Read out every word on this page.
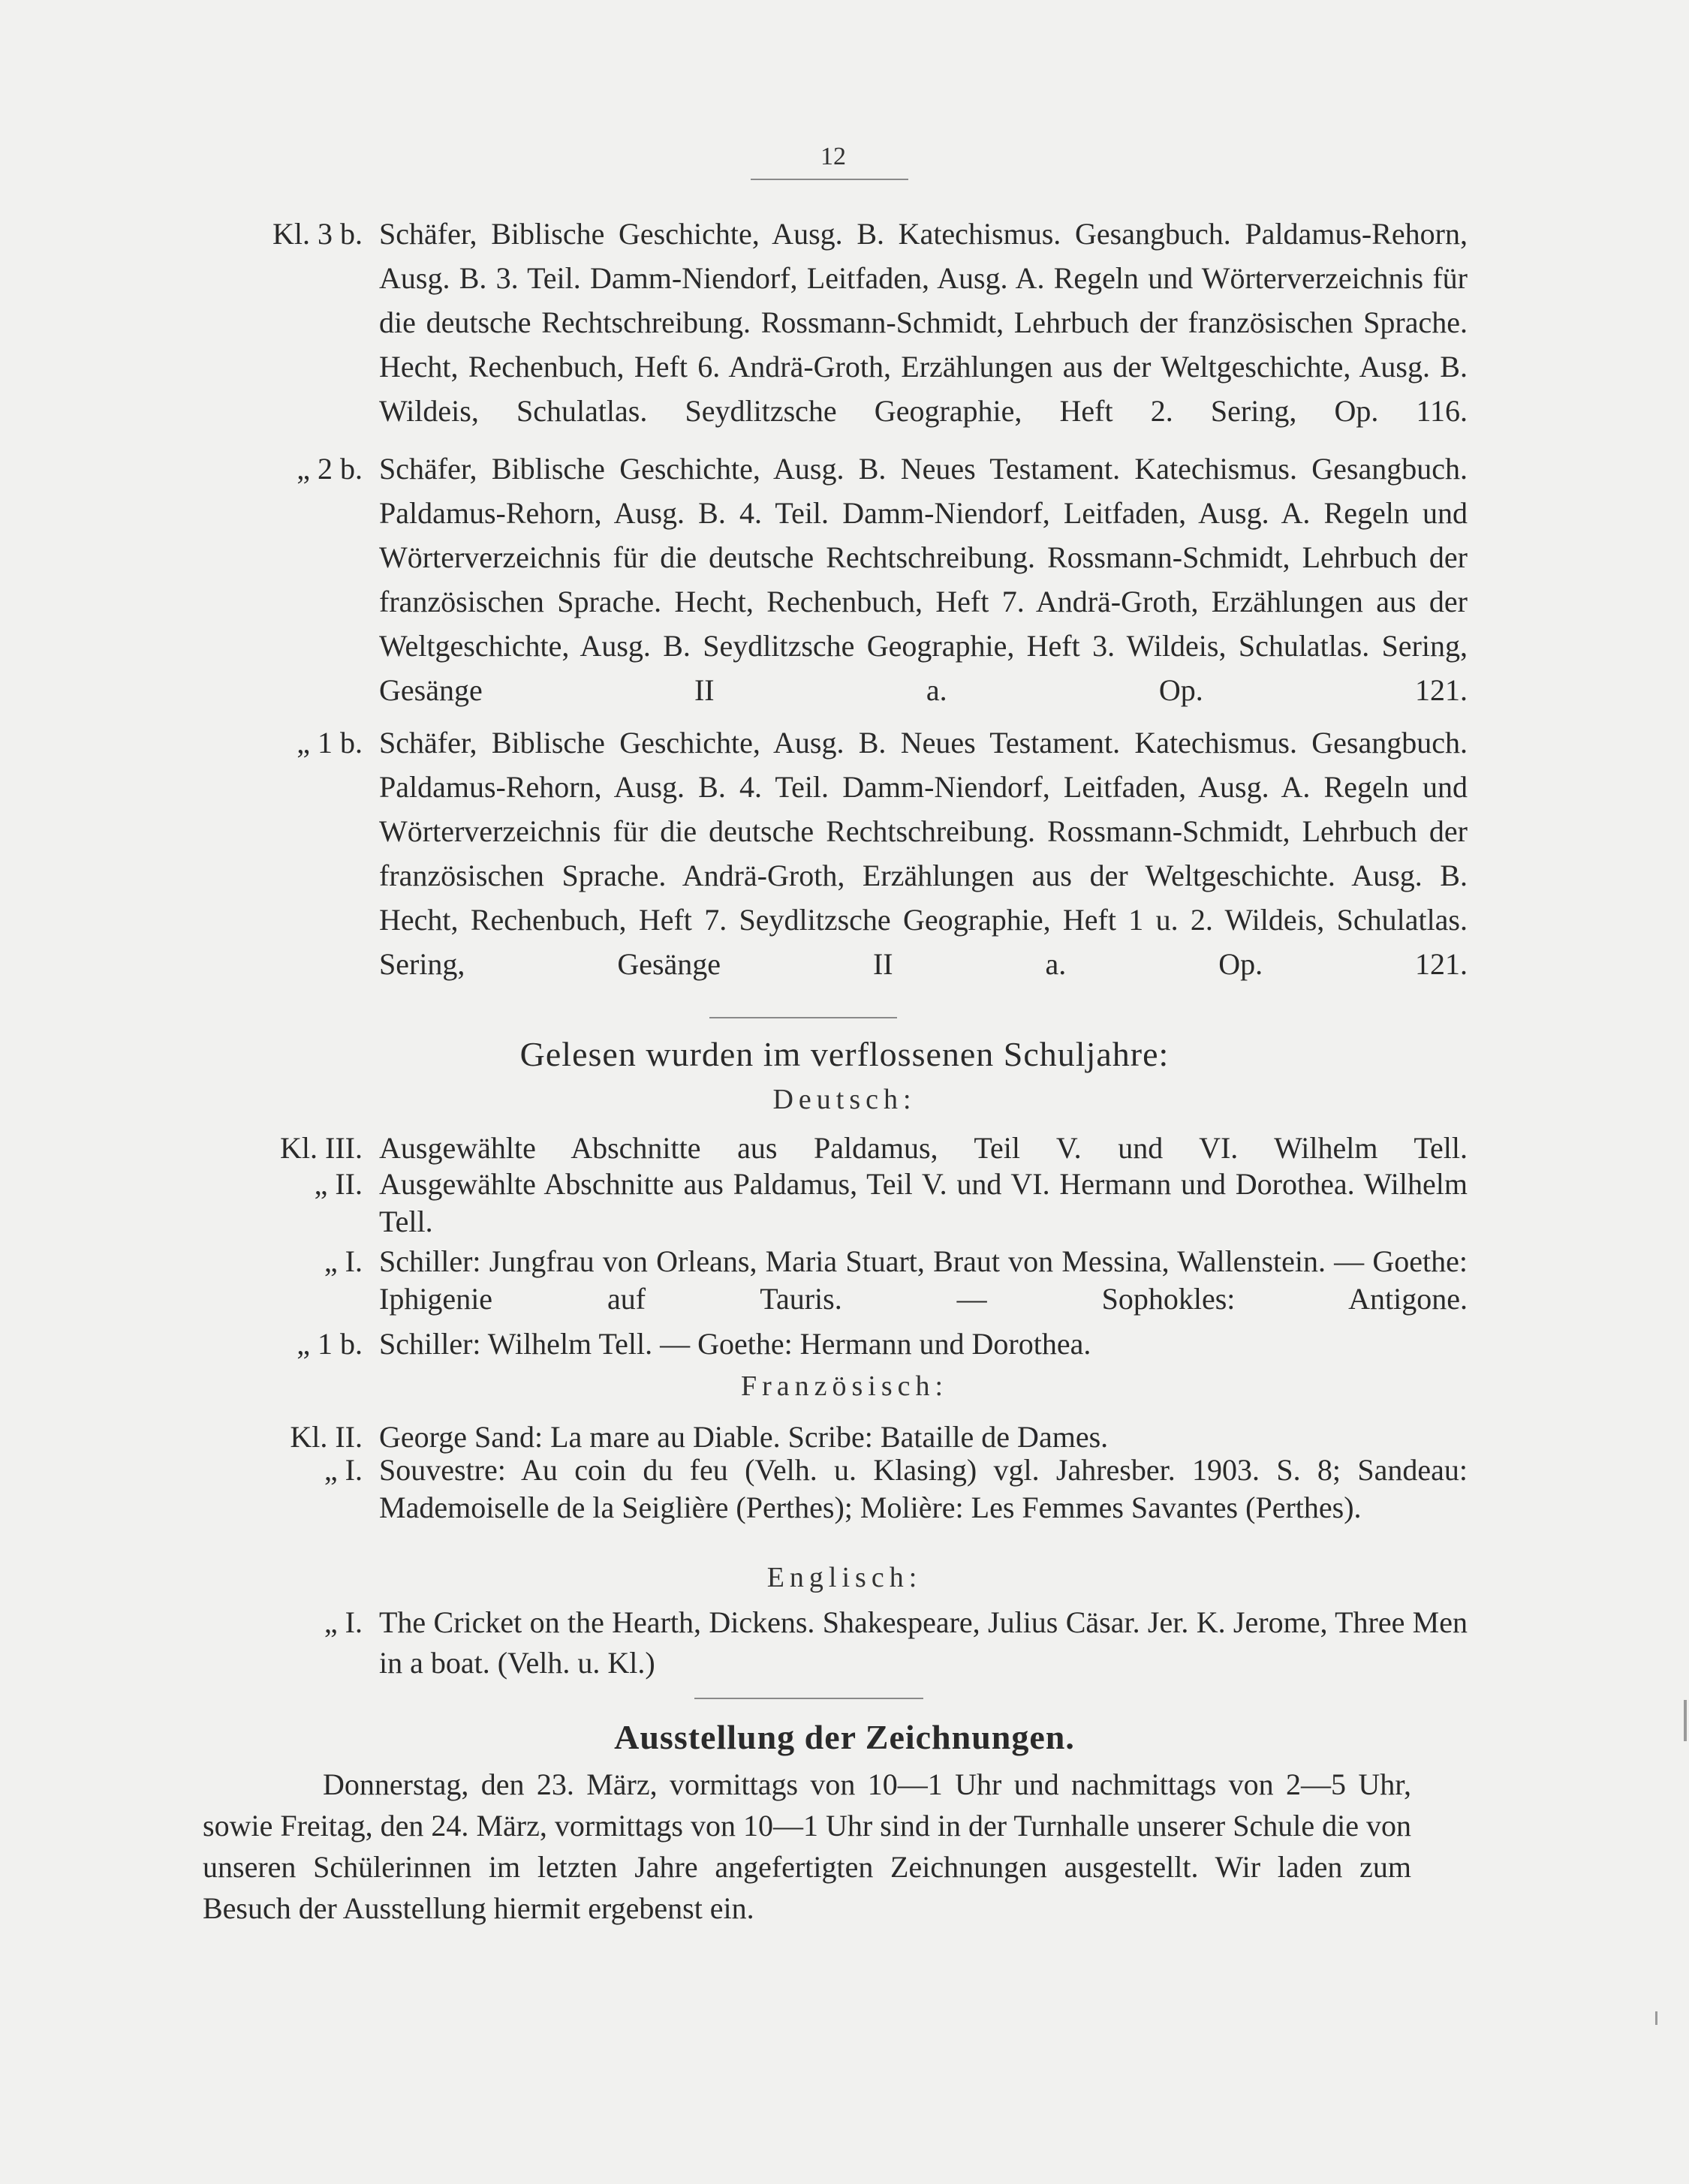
12
Kl. 3 b. Schäfer, Biblische Geschichte, Ausg. B. Katechismus. Gesangbuch. Paldamus-Rehorn, Ausg. B. 3. Teil. Damm-Niendorf, Leitfaden, Ausg. A. Regeln und Wörterverzeichnis für die deutsche Rechtschreibung. Rossmann-Schmidt, Lehrbuch der französischen Sprache. Hecht, Rechenbuch, Heft 6. Andrä-Groth, Erzählungen aus der Weltgeschichte, Ausg. B. Wildeis, Schulatlas. Seydlitzsche Geographie, Heft 2. Sering, Op. 116.
„ 2 b. Schäfer, Biblische Geschichte, Ausg. B. Neues Testament. Katechismus. Gesangbuch. Paldamus-Rehorn, Ausg. B. 4. Teil. Damm-Niendorf, Leitfaden, Ausg. A. Regeln und Wörterverzeichnis für die deutsche Rechtschreibung. Rossmann-Schmidt, Lehrbuch der französischen Sprache. Hecht, Rechenbuch, Heft 7. Andrä-Groth, Erzählungen aus der Weltgeschichte, Ausg. B. Seydlitzsche Geographie, Heft 3. Wildeis, Schulatlas. Sering, Gesänge II a. Op. 121.
„ 1 b. Schäfer, Biblische Geschichte, Ausg. B. Neues Testament. Katechismus. Gesangbuch. Paldamus-Rehorn, Ausg. B. 4. Teil. Damm-Niendorf, Leitfaden, Ausg. A. Regeln und Wörterverzeichnis für die deutsche Rechtschreibung. Rossmann-Schmidt, Lehrbuch der französischen Sprache. Andrä-Groth, Erzählungen aus der Weltgeschichte. Ausg. B. Hecht, Rechenbuch, Heft 7. Seydlitzsche Geographie, Heft 1 u. 2. Wildeis, Schulatlas. Sering, Gesänge II a. Op. 121.
Gelesen wurden im verflossenen Schuljahre:
Deutsch:
Kl. III. Ausgewählte Abschnitte aus Paldamus, Teil V. und VI. Wilhelm Tell.
„ II. Ausgewählte Abschnitte aus Paldamus, Teil V. und VI. Hermann und Dorothea. Wilhelm Tell.
„ I. Schiller: Jungfrau von Orleans, Maria Stuart, Braut von Messina, Wallenstein. — Goethe: Iphigenie auf Tauris. — Sophokles: Antigone.
„ 1 b. Schiller: Wilhelm Tell. — Goethe: Hermann und Dorothea.
Französisch:
Kl. II. George Sand: La mare au Diable. Scribe: Bataille de Dames.
„ I. Souvestre: Au coin du feu (Velh. u. Klasing) vgl. Jahresber. 1903. S. 8; Sandeau: Mademoiselle de la Seiglière (Perthes); Molière: Les Femmes Savantes (Perthes).
Englisch:
„ I. The Cricket on the Hearth, Dickens. Shakespeare, Julius Cäsar. Jer. K. Jerome, Three Men in a boat. (Velh. u. Kl.)
Ausstellung der Zeichnungen.
Donnerstag, den 23. März, vormittags von 10—1 Uhr und nachmittags von 2—5 Uhr, sowie Freitag, den 24. März, vormittags von 10—1 Uhr sind in der Turnhalle unserer Schule die von unseren Schülerinnen im letzten Jahre angefertigten Zeichnungen ausgestellt. Wir laden zum Besuch der Ausstellung hiermit ergebenst ein.
